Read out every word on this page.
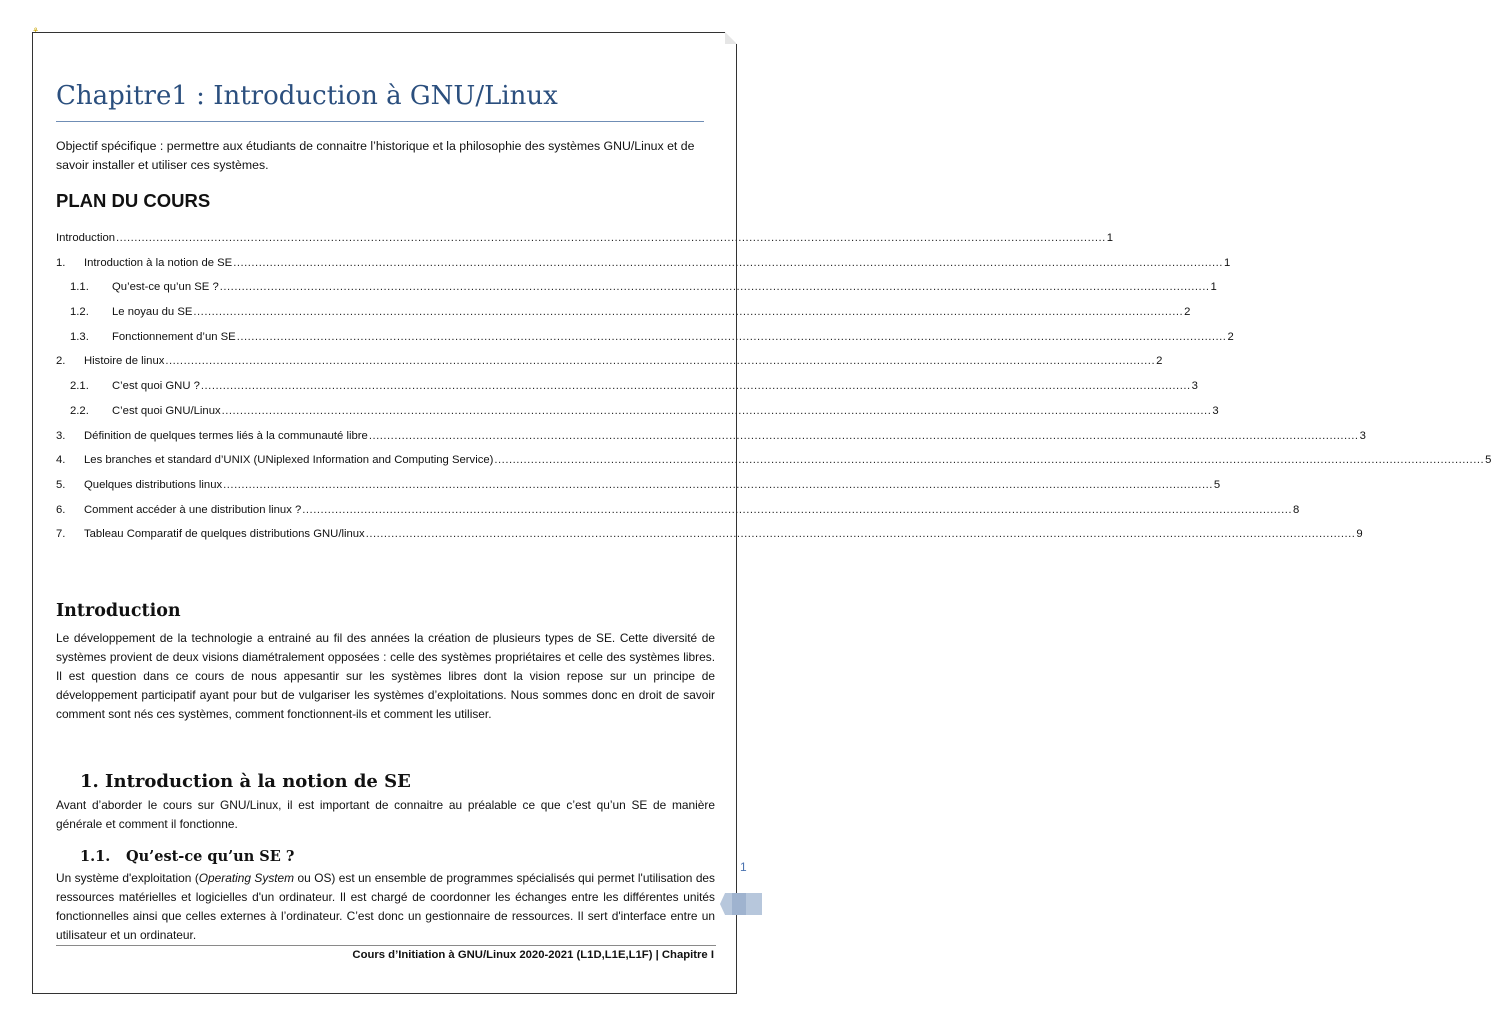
Chapitre1 : Introduction à GNU/Linux

Objectif spécifique : permettre aux étudiants de connaitre l’historique et la philosophie des systèmes GNU/Linux et de savoir installer et utiliser ces systèmes.

PLAN DU COURS
Introduction ................................................................................................................................................................................................................................................................................ 1
1.	Introduction à la notion de SE ................................................................................................................................................................................................................................................................................ 1
1.1.	Qu’est-ce qu’un SE ? ................................................................................................................................................................................................................................................................................ 1
1.2.	Le noyau du SE ................................................................................................................................................................................................................................................................................ 2
1.3.	Fonctionnement d’un SE ................................................................................................................................................................................................................................................................................ 2
2.	Histoire de linux ................................................................................................................................................................................................................................................................................ 2
2.1.	C’est quoi GNU ? ................................................................................................................................................................................................................................................................................ 3
2.2.	C’est quoi GNU/Linux ................................................................................................................................................................................................................................................................................ 3
3.	Définition de quelques termes liés à la communauté libre ................................................................................................................................................................................................................................................................................ 3
4.	Les branches et standard d’UNIX (UNiplexed Information and Computing Service) ................................................................................................................................................................................................................................................................................ 5
5.	Quelques distributions linux ................................................................................................................................................................................................................................................................................ 5
6.	Comment accéder à une distribution linux ? ................................................................................................................................................................................................................................................................................ 8
7.	Tableau Comparatif de quelques distributions GNU/linux ................................................................................................................................................................................................................................................................................ 9
Introduction

Le développement de la technologie a entrainé au fil des années la création de plusieurs types de SE. Cette diversité de systèmes provient de deux visions diamétralement opposées : celle des systèmes propriétaires et celle des systèmes libres. Il est question dans ce cours de nous appesantir sur les systèmes libres dont la vision repose sur un principe de développement participatif ayant pour but de vulgariser les systèmes d’exploitations. Nous sommes donc en droit de savoir comment sont nés ces systèmes, comment fonctionnent-ils et comment les utiliser.

1. Introduction à la notion de SE

Avant d’aborder le cours sur GNU/Linux, il est important de connaitre au préalable ce que c’est qu’un SE de manière générale et comment il fonctionne.

1.1. Qu’est-ce qu’un SE ?

Un système d'exploitation (Operating System ou OS) est un ensemble de programmes spécialisés qui permet l'utilisation des ressources matérielles et logicielles d'un ordinateur. Il est chargé de coordonner les échanges entre les différentes unités fonctionnelles ainsi que celles externes à l’ordinateur. C’est donc un gestionnaire de ressources. Il sert d'interface entre un utilisateur et un ordinateur.

Cours d’Initiation à GNU/Linux 2020-2021 (L1D,L1E,L1F) | Chapitre I

1
